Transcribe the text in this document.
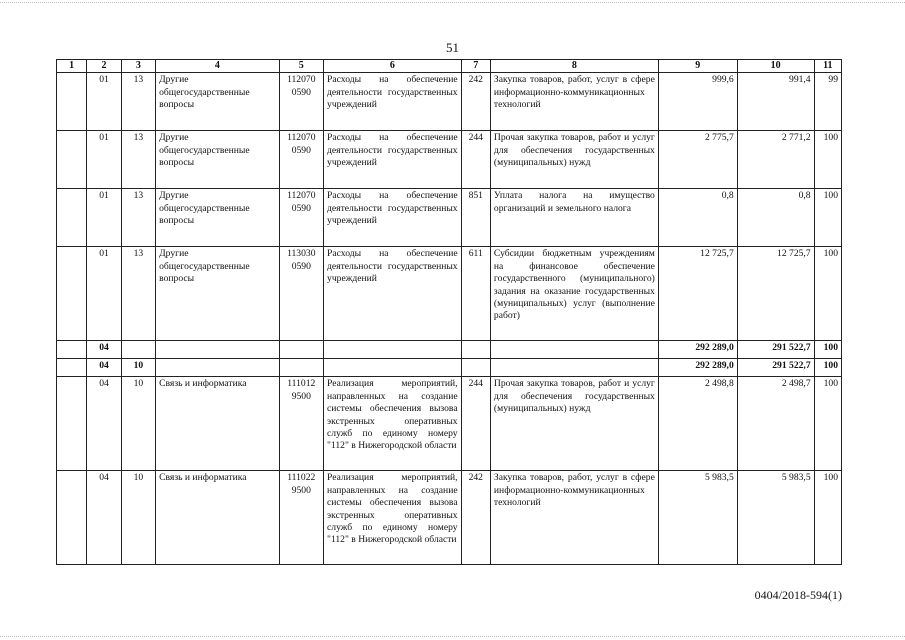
51
1	2	3	4	5	6	7	8	9	10	11
	01	13	Другие общегосударственные вопросы	112070 0590	Расходы на обеспечение деятельности государственных учреждений	242	Закупка товаров, работ, услуг в сфере информационно-коммуникационных технологий	999,6	991,4	99
	01	13	Другие общегосударственные вопросы	112070 0590	Расходы на обеспечение деятельности государственных учреждений	244	Прочая закупка товаров, работ и услуг для обеспечения государственных (муниципальных) нужд	2 775,7	2 771,2	100
	01	13	Другие общегосударственные вопросы	112070 0590	Расходы на обеспечение деятельности государственных учреждений	851	Уплата налога на имущество организаций и земельного налога	0,8	0,8	100
	01	13	Другие общегосударственные вопросы	113030 0590	Расходы на обеспечение деятельности государственных учреждений	611	Субсидии бюджетным учреждениям на финансовое обеспечение государственного (муниципального) задания на оказание государственных (муниципальных) услуг (выполнение работ)	12 725,7	12 725,7	100
	04							292 289,0	291 522,7	100
	04	10						292 289,0	291 522,7	100
	04	10	Связь и информатика	111012 9500	Реализация мероприятий, направленных на создание системы обеспечения вызова экстренных оперативных служб по единому номеру "112" в Нижегородской области	244	Прочая закупка товаров, работ и услуг для обеспечения государственных (муниципальных) нужд	2 498,8	2 498,7	100
	04	10	Связь и информатика	111022 9500	Реализация мероприятий, направленных на создание системы обеспечения вызова экстренных оперативных служб по единому номеру "112" в Нижегородской области	242	Закупка товаров, работ, услуг в сфере информационно-коммуникационных технологий	5 983,5	5 983,5	100
0404/2018-594(1)
